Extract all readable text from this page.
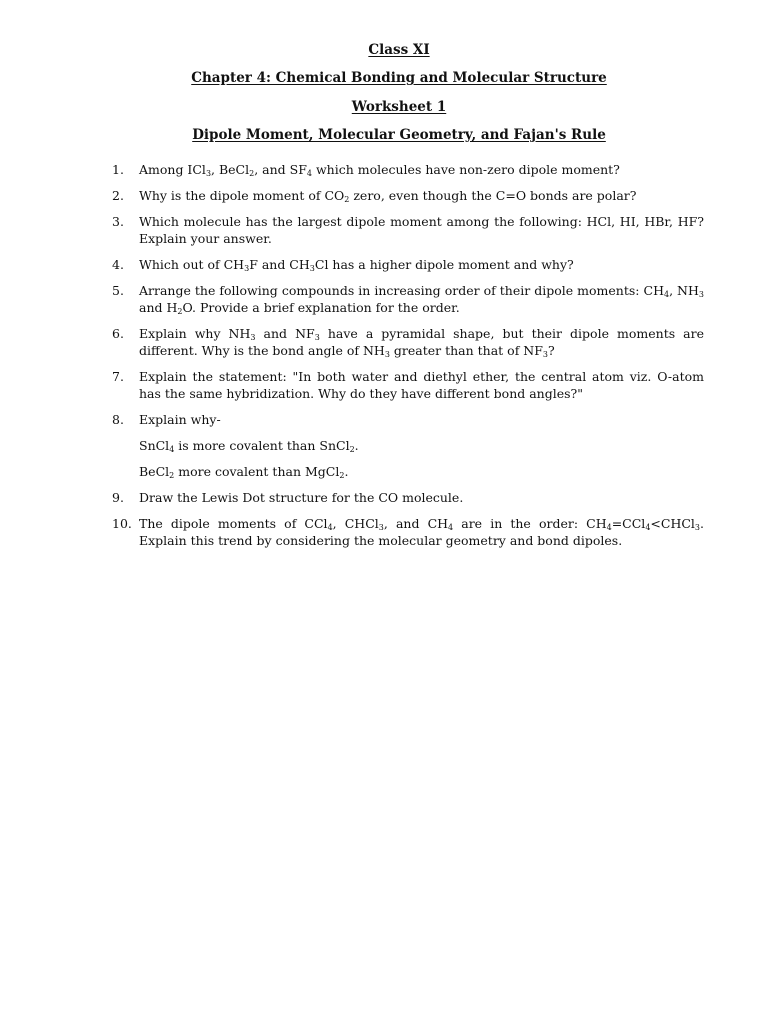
Class XI
Chapter 4: Chemical Bonding and Molecular Structure
Worksheet 1
Dipole Moment, Molecular Geometry, and Fajan's Rule
1.	Among ICl$_3$, BeCl$_2$, and $SF_4$ which molecules have non-zero dipole moment?
2.	Why is the dipole moment of $CO_2$ zero, even though the C=O bonds are polar?
3.	Which molecule has the largest dipole moment among the following: HCl, HI, HBr, HF? Explain your answer.
4.	Which out of $CH_3F$ and $CH_3Cl$ has a higher dipole moment and why?
5.	Arrange the following compounds in increasing order of their dipole moments: $CH_4$, $NH_3$ and $H_2O$. Provide a brief explanation for the order.
6.	Explain why $NH_3$ and $NF_3$ have a pyramidal shape, but their dipole moments are different. Why is the bond angle of $NH_3$ greater than that of $NF_3$?
7.	Explain the statement: "In both water and diethyl ether, the central atom viz. O-atom has the same hybridization. Why do they have different bond angles?"
8.	Explain why-
SnCl$_4$ is more covalent than SnCl$_2$.
BeCl$_2$ more covalent than MgCl$_2$.
9.	Draw the Lewis Dot structure for the CO molecule.
10. The dipole moments of CCl$_4$, CHCl$_3$, and $CH_4$ are in the order: $CH_4=CCl_4<CHCl_3$. Explain this trend by considering the molecular geometry and bond dipoles.
